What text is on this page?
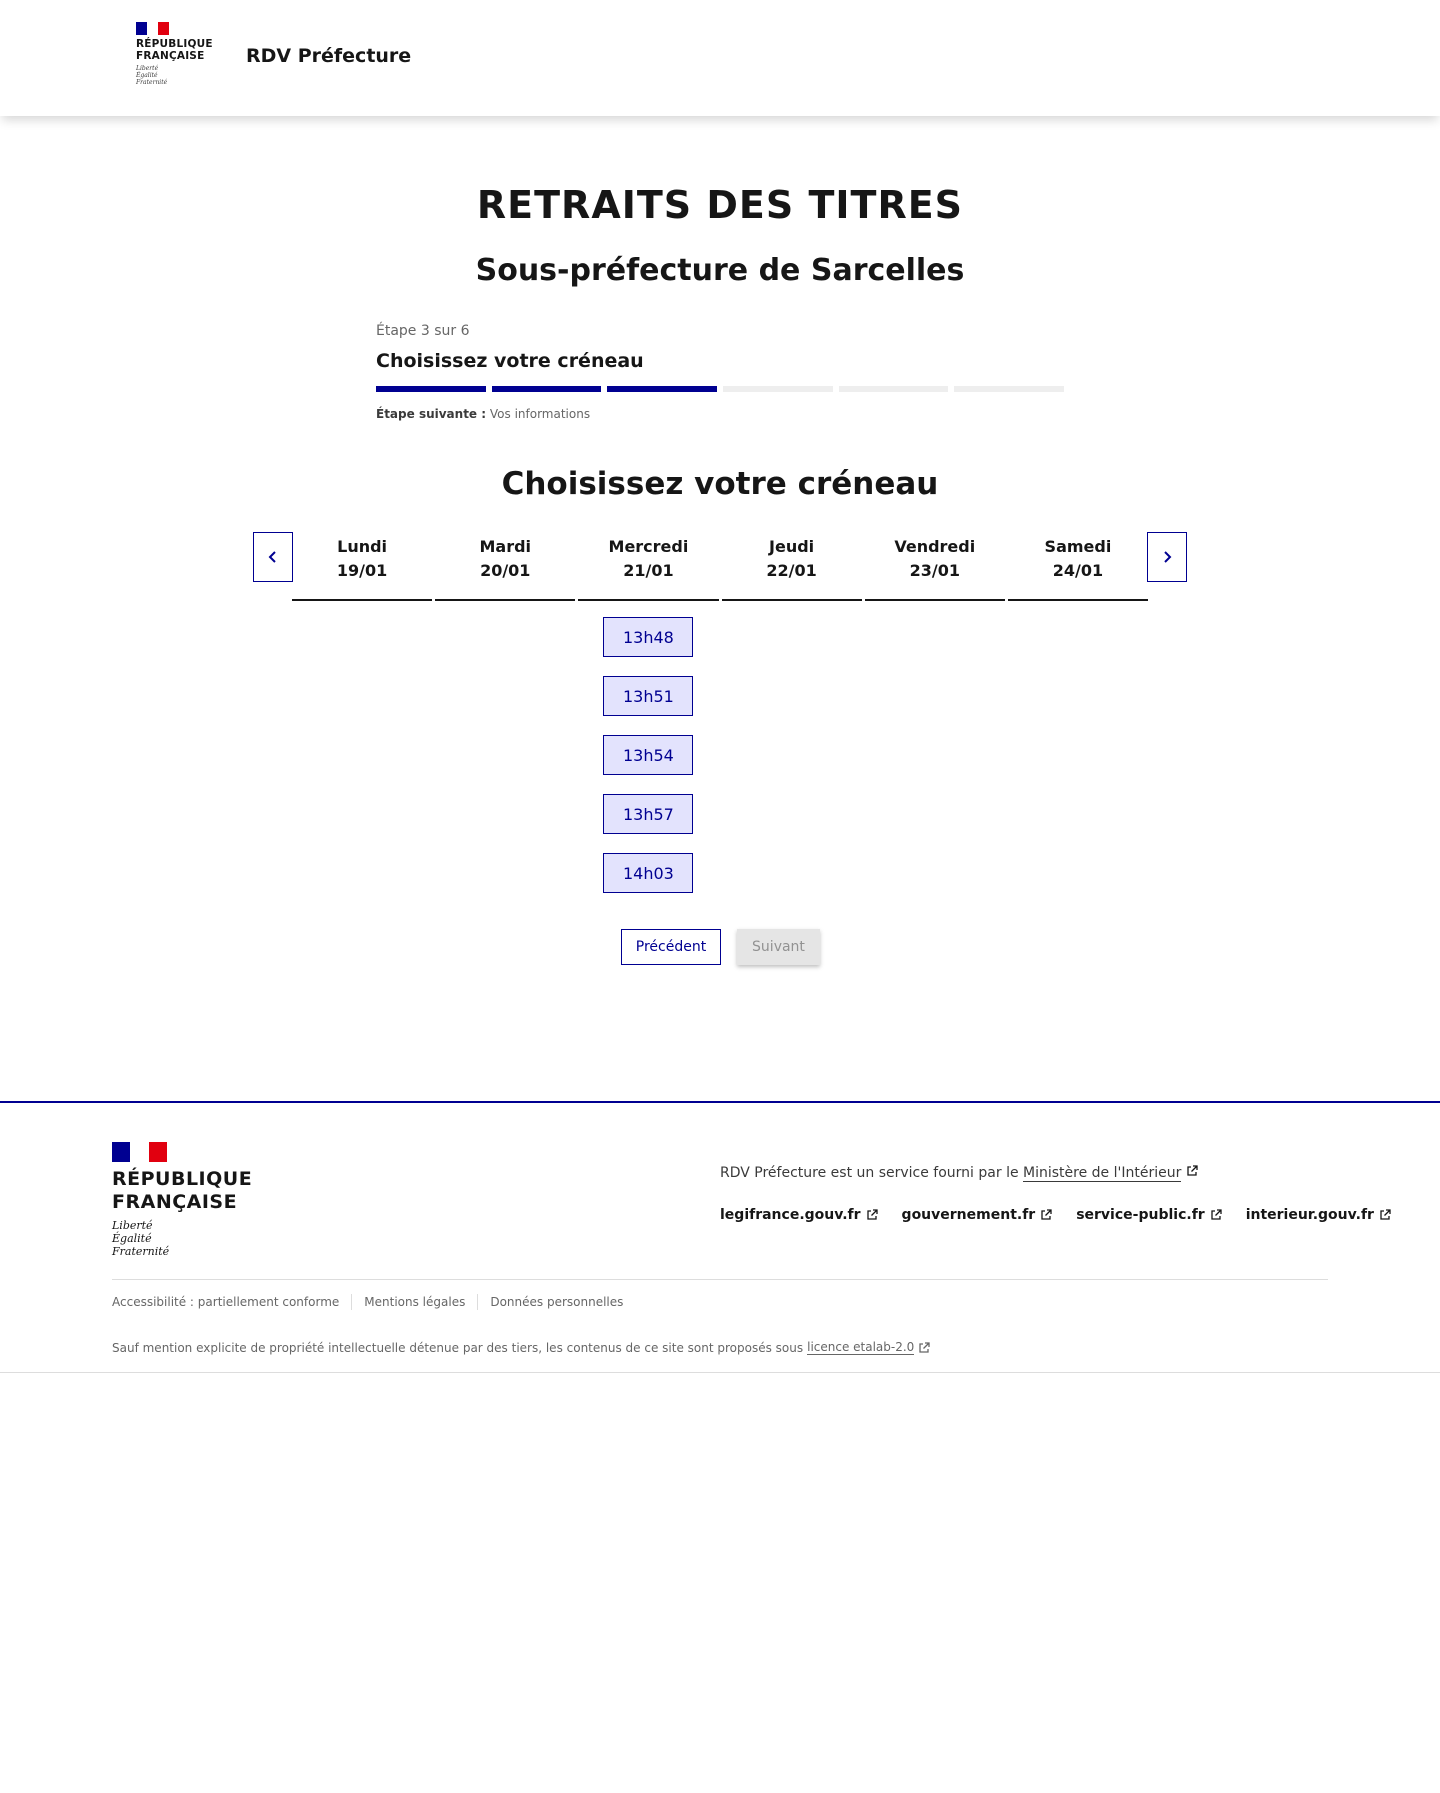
RÉPUBLIQUE
FRANÇAISE
Liberté
Égalité
Fraternité
RDV Préfecture
RETRAITS DES TITRES
Sous-préfecture de Sarcelles
Étape 3 sur 6
Choisissez votre créneau
Étape suivante : Vos informations
Choisissez votre créneau
Lundi
19/01
Mardi
20/01
Mercredi
21/01
13h48
13h51
13h54
13h57
14h03
Jeudi
22/01
Vendredi
23/01
Samedi
24/01
Précédent	Suivant
RÉPUBLIQUE
FRANÇAISE
Liberté
Égalité
Fraternité
RDV Préfecture est un service fourni par le Ministère de l'Intérieur
legifrance.gouv.fr	gouvernement.fr	service-public.fr	interieur.gouv.fr
Accessibilité : partiellement conforme Mentions légales Données personnelles
Sauf mention explicite de propriété intellectuelle détenue par des tiers, les contenus de ce site sont proposés sous licence etalab-2.0
